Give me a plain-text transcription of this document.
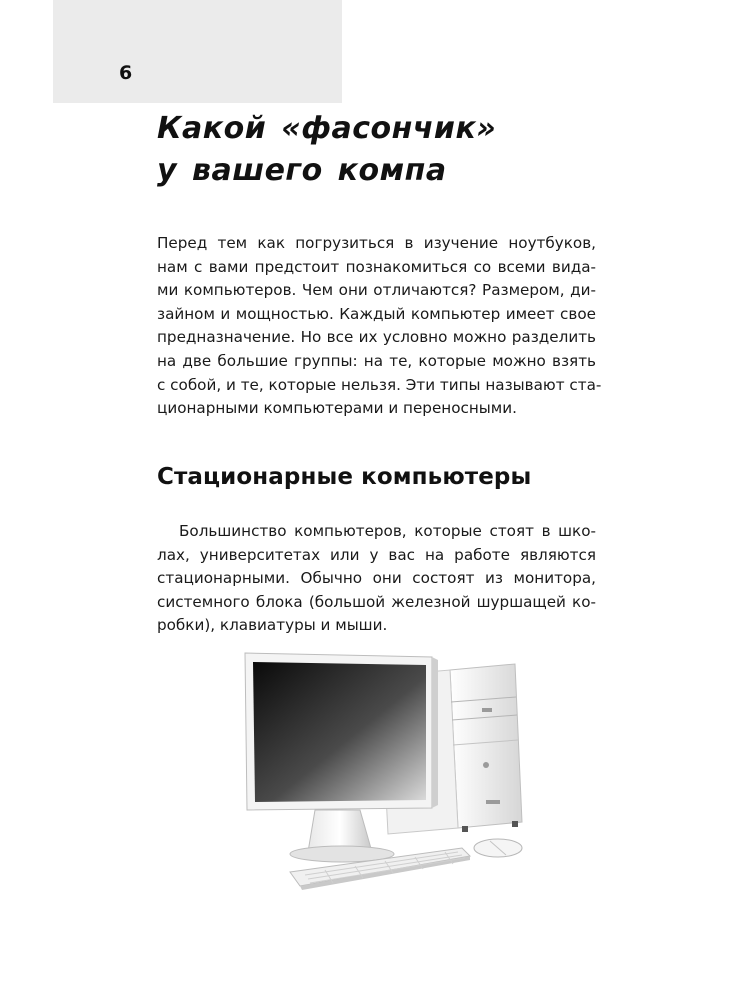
6
Какой «фасончик»
у вашего компа

Перед тем как погрузиться в изучение ноутбуков,
нам с вами предстоит познакомиться со всеми вида-
ми компьютеров. Чем они отличаются? Размером, ди-
зайном и мощностью. Каждый компьютер имеет свое
предназначение. Но все их условно можно разделить
на две большие группы: на те, которые можно взять
с собой, и те, которые нельзя. Эти типы называют ста-
ционарными компьютерами и переносными.

Стационарные компьютеры

Большинство компьютеров, которые стоят в шко-
лах, университетах или у вас на работе являются
стационарными. Обычно они состоят из монитора,
системного блока (большой железной шуршащей ко-
робки), клавиатуры и мыши.
